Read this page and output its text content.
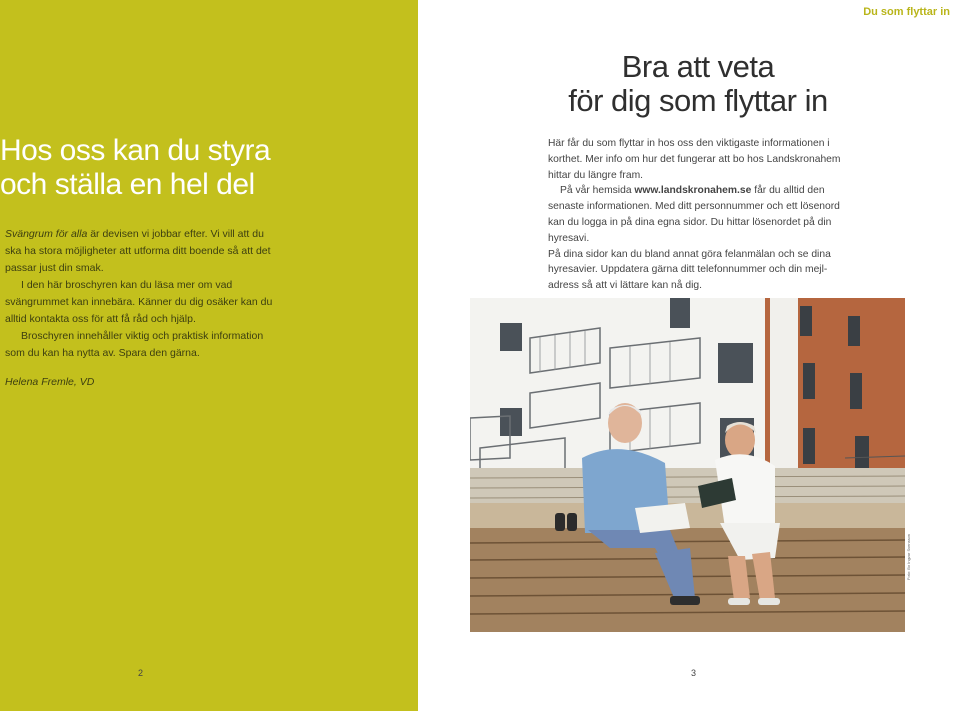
Hos oss kan du styra
och ställa en hel del

Svängrum för alla är devisen vi jobbar efter. Vi vill att du ska ha stora möjligheter att utforma ditt boende så att det passar just din smak.

I den här broschyren kan du läsa mer om vad svängrummet kan innebära. Känner du dig osäker kan du alltid kontakta oss för att få råd och hjälp.

Broschyren innehåller viktig och praktisk information som du kan ha nytta av. Spara den gärna.

Helena Fremle, VD
2
Du som flyttar in
Bra att veta
för dig som flyttar in

Här får du som flyttar in hos oss den viktigaste informationen i korthet. Mer info om hur det fungerar att bo hos Landskronahem hittar du längre fram.

På vår hemsida www.landskronahem.se får du alltid den senaste informationen. Med ditt personnummer och ett lösenord kan du logga in på dina egna sidor. Du hittar lösenordet på din hyresavi.

På dina sidor kan du bland annat göra felanmälan och se dina hyresavier. Uppdatera gärna ditt telefonnummer och din mejl-adress så att vi lättare kan nå dig.

Foto: Bo Ingvar Svensson
3
